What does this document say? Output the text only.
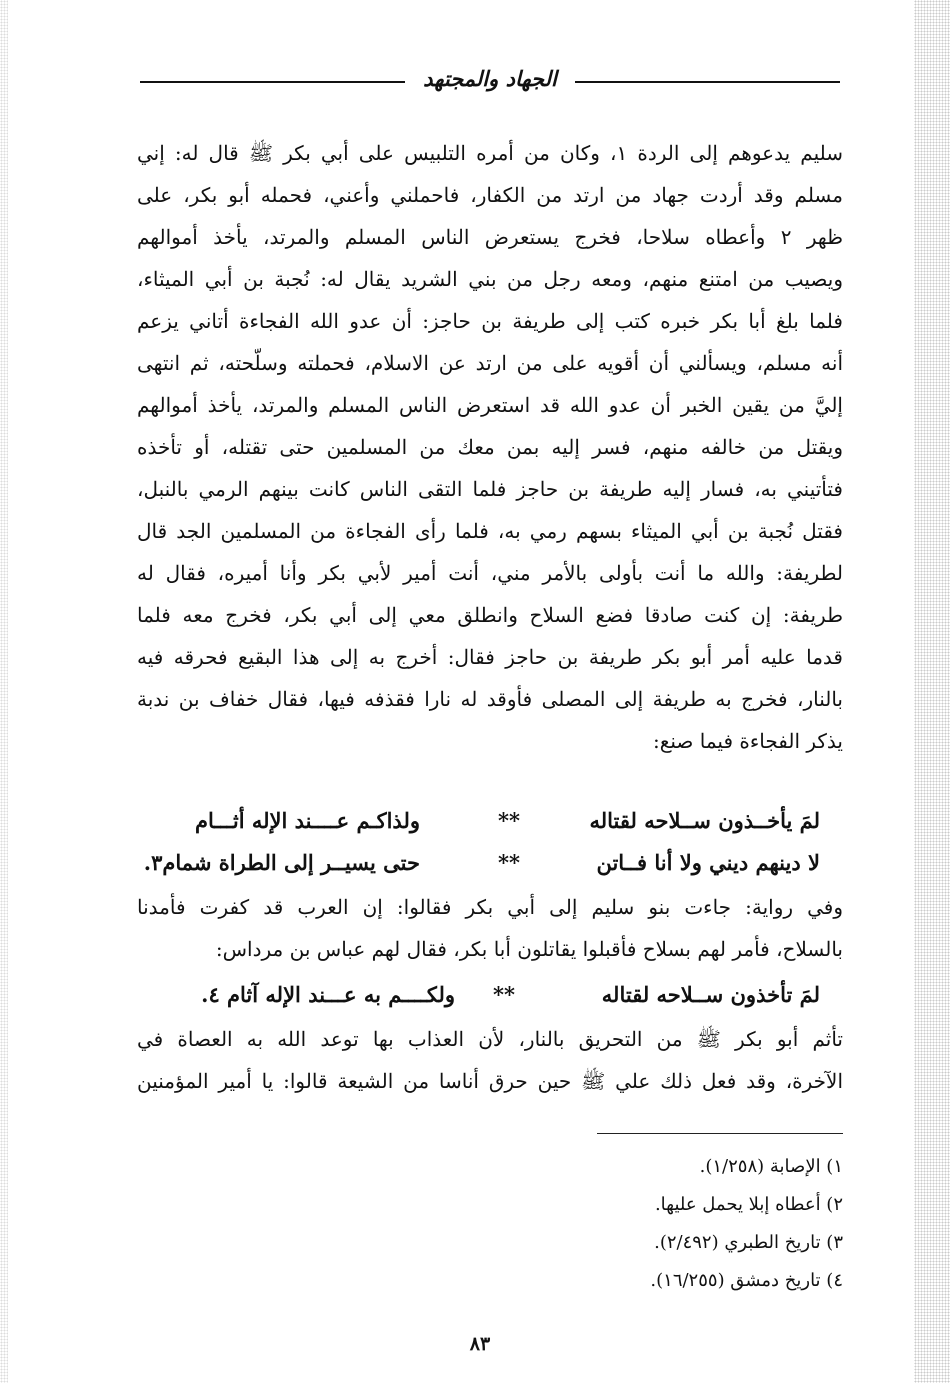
الجهاد والمجتهد
سليم يدعوهم إلى الردة ١، وكان من أمره التلبيس على أبي بكر ﷺ قال له: إني
مسلم وقد أردت جهاد من ارتد من الكفار، فاحملني وأعني، فحمله أبو بكر، على
ظهر ٢ وأعطاه سلاحا، فخرج يستعرض الناس المسلم والمرتد، يأخذ أموالهم
ويصيب من امتنع منهم، ومعه رجل من بني الشريد يقال له: نُجبة بن أبي الميثاء،
فلما بلغ أبا بكر خبره كتب إلى طريفة بن حاجز: أن عدو الله الفجاءة أتاني يزعم
أنه مسلم، ويسألني أن أقويه على من ارتد عن الاسلام، فحملته وسلّحته، ثم انتهى
إليَّ من يقين الخبر أن عدو الله قد استعرض الناس المسلم والمرتد، يأخذ أموالهم
ويقتل من خالفه منهم، فسر إليه بمن معك من المسلمين حتى تقتله، أو تأخذه
فتأتيني به، فسار إليه طريفة بن حاجز فلما التقى الناس كانت بينهم الرمي بالنبل،
فقتل نُجبة بن أبي الميثاء بسهم رمي به، فلما رأى الفجاءة من المسلمين الجد قال
لطريفة: والله ما أنت بأولى بالأمر مني، أنت أمير لأبي بكر وأنا أميره، فقال له
طريفة: إن كنت صادقا فضع السلاح وانطلق معي إلى أبي بكر، فخرج معه فلما
قدما عليه أمر أبو بكر طريفة بن حاجز فقال: أخرج به إلى هذا البقيع فحرقه فيه
بالنار، فخرج به طريفة إلى المصلى فأوقد له نارا فقذفه فيها، فقال خفاف بن ندبة
يذكر الفجاءة فيما صنع:
لمَ يأخــذون ســلاحه لقتاله
**
ولذاكـم عــــند الإله أثـــام
لا دينهم ديني ولا أنا فــاتن
**
حتى يسيــر إلى الطراة شمام٣.
وفي رواية: جاءت بنو سليم إلى أبي بكر فقالوا: إن العرب قد كفرت فأمدنا
بالسلاح، فأمر لهم بسلاح فأقبلوا يقاتلون أبا بكر، فقال لهم عباس بن مرداس:
لمَ تأخذون ســلاحه لقتاله
**
ولكــــم به عـــند الإله آثام ٤.
تأثم أبو بكر ﷺ من التحريق بالنار، لأن العذاب بها توعد الله به العصاة في
الآخرة، وقد فعل ذلك علي ﷺ حين حرق أناسا من الشيعة قالوا: يا أمير المؤمنين
١) الإصابة (١/٢٥٨).
٢) أعطاه إبلا يحمل عليها.
٣) تاريخ الطبري (٢/٤٩٢).
٤) تاريخ دمشق (١٦/٢٥٥).
٨٣
